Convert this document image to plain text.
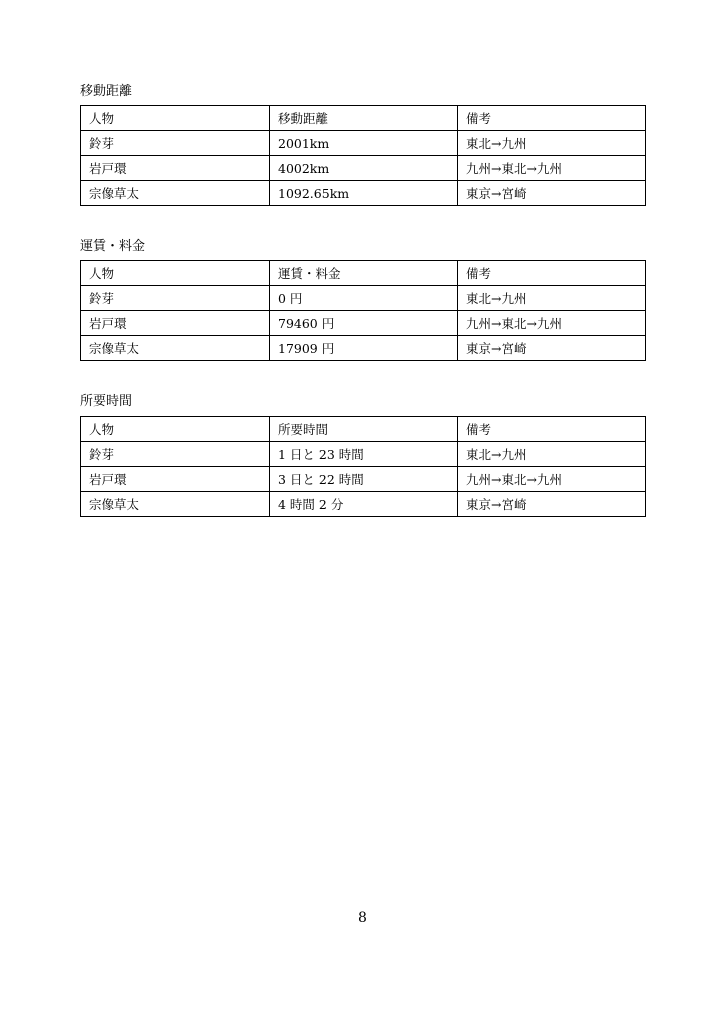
移動距離
人物	移動距離	備考
鈴芽	2001km	東北→九州
岩戸環	4002km	九州→東北→九州
宗像草太	1092.65km	東京→宮崎
運賃・料金
人物	運賃・料金	備考
鈴芽	0 円	東北→九州
岩戸環	79460 円	九州→東北→九州
宗像草太	17909 円	東京→宮崎
所要時間
人物	所要時間	備考
鈴芽	1 日と 23 時間	東北→九州
岩戸環	3 日と 22 時間	九州→東北→九州
宗像草太	4 時間 2 分	東京→宮崎
8
